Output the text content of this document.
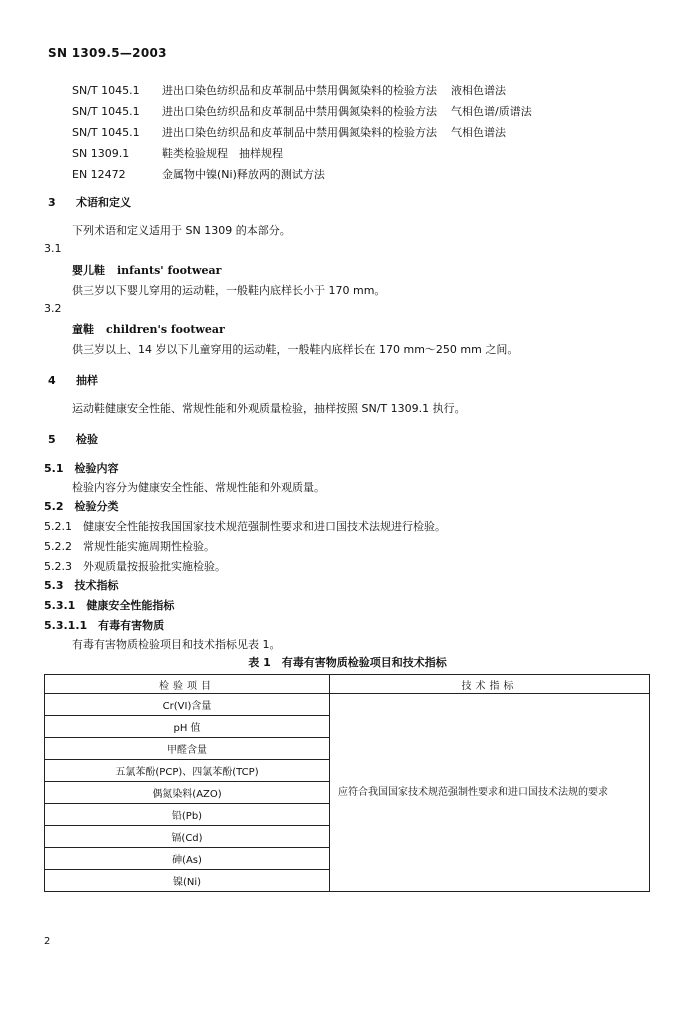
SN 1309.5—2003
SN/T 1045.1 进出口染色纺织品和皮革制品中禁用偶氮染料的检验方法 液相色谱法
SN/T 1045.1 进出口染色纺织品和皮革制品中禁用偶氮染料的检验方法 气相色谱/质谱法
SN/T 1045.1 进出口染色纺织品和皮革制品中禁用偶氮染料的检验方法 气相色谱法
SN 1309.1	鞋类检验规程　抽样规程
EN 12472	金属物中镍(Ni)释放两的测试方法
3 术语和定义
下列术语和定义适用于 SN 1309 的本部分。
3.1
婴儿鞋 infants' footwear
供三岁以下婴儿穿用的运动鞋，一般鞋内底样长小于 170 mm。
3.2
童鞋 children's footwear
供三岁以上、14 岁以下儿童穿用的运动鞋，一般鞋内底样长在 170 mm～250 mm 之间。
4 抽样
运动鞋健康安全性能、常规性能和外观质量检验，抽样按照 SN/T 1309.1 执行。
5 检验
5.1　检验内容
检验内容分为健康安全性能、常规性能和外观质量。
5.2　检验分类
5.2.1　健康安全性能按我国国家技术规范强制性要求和进口国技术法规进行检验。
5.2.2　常规性能实施周期性检验。
5.2.3　外观质量按报验批实施检验。
5.3　技术指标
5.3.1　健康安全性能指标
5.3.1.1　有毒有害物质
有毒有害物质检验项目和技术指标见表 1。
表 1　有毒有害物质检验项目和技术指标
检验项目	技术指标
Cr(VI)含量	应符合我国国家技术规范强制性要求和进口国技术法规的要求
pH 值	
甲醛含量	
五氯苯酚(PCP)、四氯苯酚(TCP)	
偶氮染料(AZO)	
铅(Pb)	
镉(Cd)	
砷(As)	
镍(Ni)	
2
